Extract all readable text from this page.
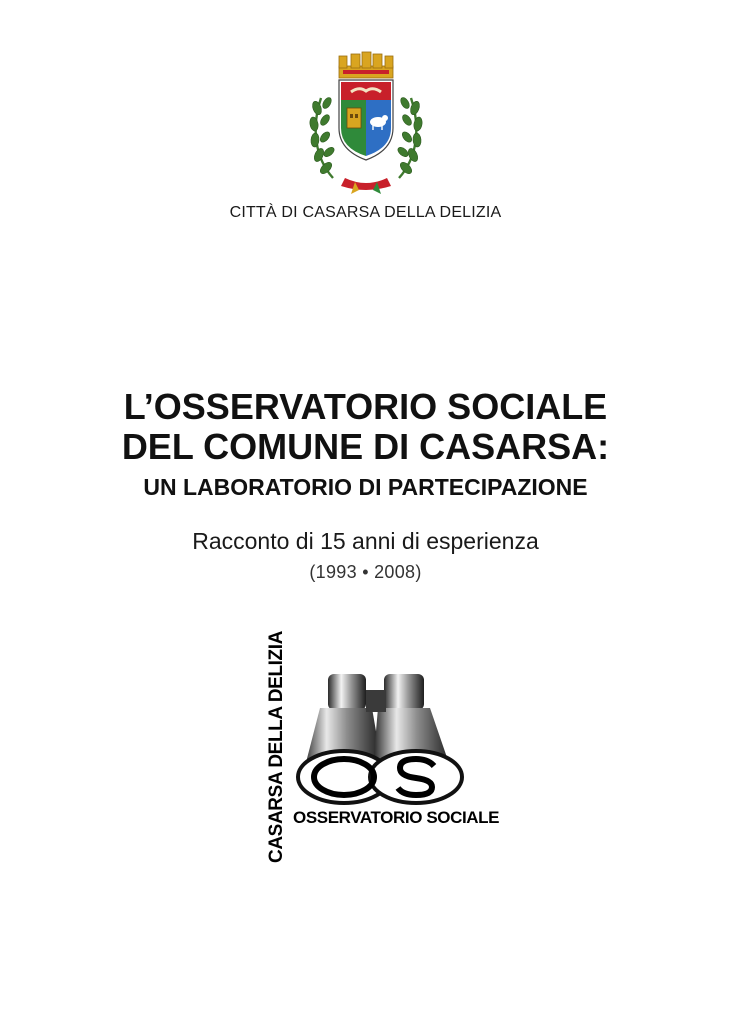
CITTÀ DI CASARSA DELLA DELIZIA
L’OSSERVATORIO SOCIALE
DEL COMUNE DI CASARSA:
UN LABORATORIO DI PARTECIPAZIONE
Racconto di 15 anni di esperienza
(1993 • 2008)
CASARSA DELLA DELIZIA OSSERVATORIO SOCIALE
